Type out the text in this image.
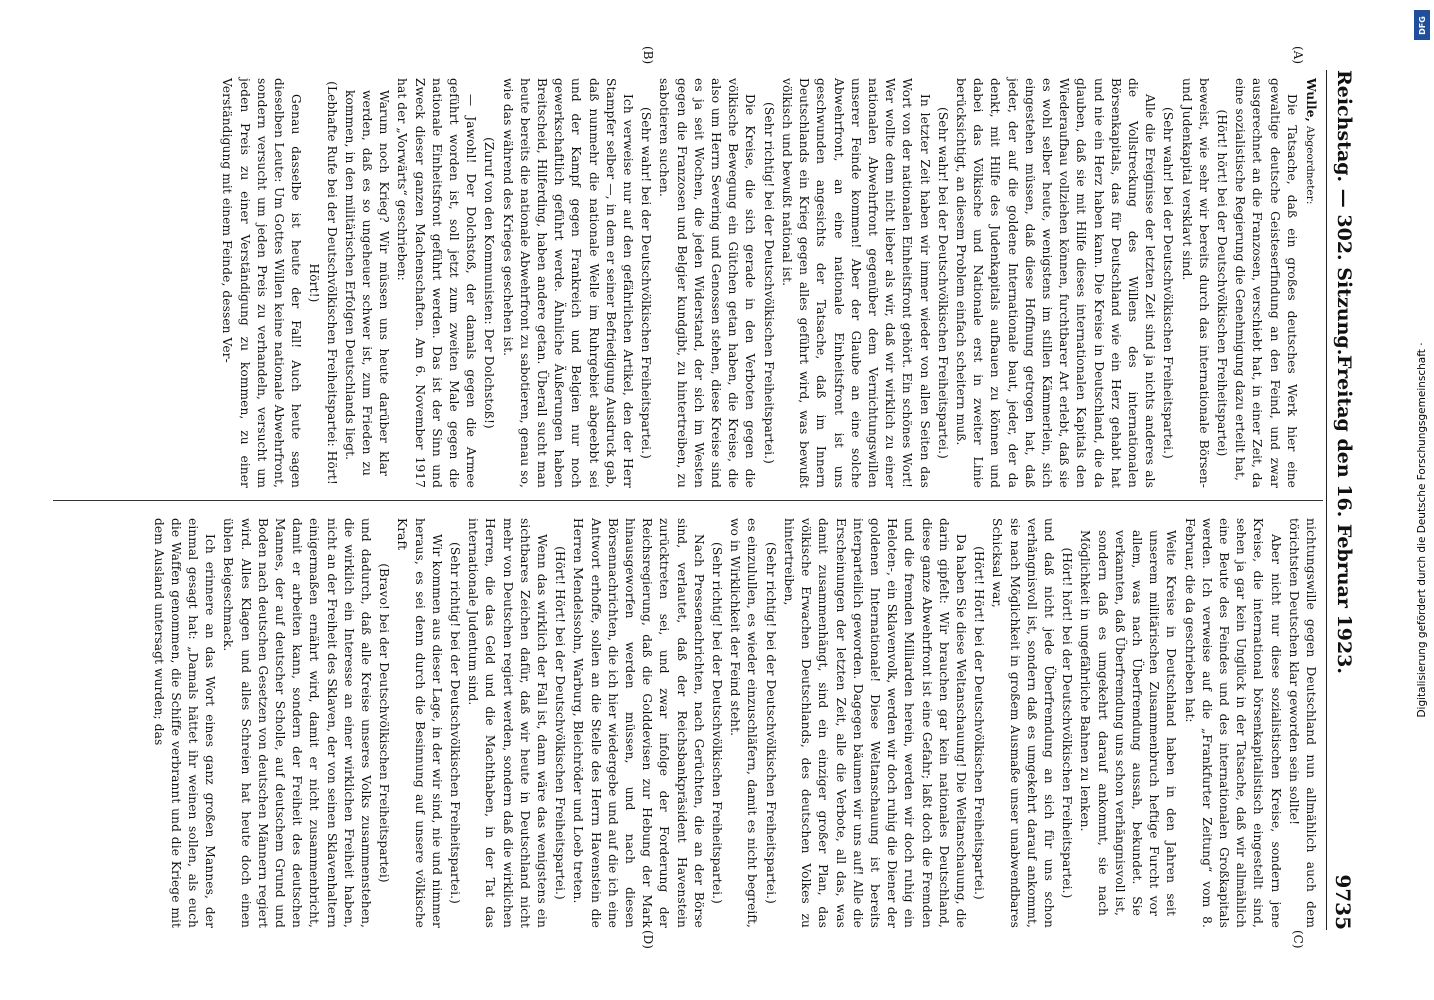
Reichstag. — 302. Sitzung.
Freitag den 16. Februar 1923.
9735
(A)
(B)
(C)
(D)

Wulle, Abgeordneter:

Die Tatsache, daß ein großes deutsches Werk hier eine gewaltige deutsche Geisteserfindung an den Feind, und zwar ausgerechnet an die Franzosen, verschiebt hat, in einer Zeit, da eine sozialistische Regierung die Genehmigung dazu erteilt hat,

(Hört! hört! bei der Deutschvölkischen Freiheitspartei)

beweist, wie sehr wir bereits durch das internationale Börsen- und Judenkapital versklavt sind.

(Sehr wahr! bei der Deutschvölkischen Freiheitspartei.)

Alle die Ereignisse der letzten Zeit sind ja nichts anderes als die Vollstreckung des Willens des internationalen Börsenkapitals, das für Deutschland wie ein Herz gehabt hat und nie ein Herz haben kann. Die Kreise in Deutschland, die da glauben, daß sie mit Hilfe dieses internationalen Kapitals den Wiederaufbau vollziehen können, furchtbarer Art erlebt, daß sie es wohl selber heute, wenigstens im stillen Kämmerlein, sich eingestehen müssen, daß diese Hoffnung getrogen hat, daß jeder, der auf die goldene Internationale baut, jeder, der da denkt, mit Hilfe des Judenkapitals aufbauen zu können und dabei das Völkische und Nationale erst in zweiter Linie berücksichtigt, an diesem Problem einfach scheitern muß.

(Sehr wahr! bei der Deutschvölkischen Freiheitspartei.)

In letzter Zeit haben wir immer wieder von allen Seiten das Wort von der nationalen Einheitsfront gehört. Ein schönes Wort! Wer wollte denn nicht lieber als wir, daß wir wirklich zu einer nationalen Abwehrfront gegenüber dem Vernichtungswillen unserer Feinde kommen! Aber der Glaube an eine solche Abwehrfront, an eine nationale Einheitsfront ist uns geschwunden angesichts der Tatsache, daß im Innern Deutschlands ein Krieg gegen alles geführt wird, was bewußt völkisch und bewußt national ist.

(Sehr richtig! bei der Deutschvölkischen Freiheitspartei.)

Die Kreise, die sich gerade in den Verboten gegen die völkische Bewegung ein Gütchen getan haben, die Kreise, die also um Herrn Severing und Genossen stehen, diese Kreise sind es ja seit Wochen, die jeden Widerstand, der sich im Westen gegen die Franzosen und Belgier kundgibt, zu hintertreiben, zu sabotieren suchen.

(Sehr wahr! bei der Deutschvölkischen Freiheitspartei.)

Ich verweise nur auf den gefährlichen Artikel, den der Herr Stampfer selber —, in dem er seiner Befriedigung Ausdruck gab, daß nunmehr die nationale Welle im Ruhrgebiet abgeebbt sei und der Kampf gegen Frankreich und Belgien nur noch gewerkschaftlich geführt werde. Ähnliche Äußerungen haben Breitscheid, Hilferding, haben andere getan. Überall sucht man heute bereits die nationale Abwehrfront zu sabotieren, genau so, wie das während des Krieges geschehen ist.

(Zuruf von den Kommunisten: Der Dolchstoß!)

— Jawohl! Der Dolchstoß, der damals gegen die Armee geführt worden ist, soll jetzt zum zweiten Male gegen die nationale Einheitsfront geführt werden. Das ist der Sinn und Zweck dieser ganzen Machenschaften. Am 6. November 1917 hat der „Vorwärts“ geschrieben:

Warum noch Krieg? Wir müssen uns heute darüber klar werden, daß es so ungeheuer schwer ist, zum Frieden zu kommen, in den militärischen Erfolgen Deutschlands liegt.

(Lebhafte Rufe bei der Deutschvölkischen Freiheitspartei: Hört! Hört!)

Genau dasselbe ist heute der Fall! Auch heute sagen dieselben Leute: Um Gottes Willen keine nationale Abwehrfront, sondern versucht um jeden Preis zu verhandeln, versucht um jeden Preis zu einer Verständigung zu kommen, zu einer Verständigung mit einem Feinde, dessen Ver-

nichtungswille gegen Deutschland nun allmählich auch dem törichtsten Deutschen klar geworden sein sollte!

Aber nicht nur diese sozialistischen Kreise, sondern jene Kreise, die international börsenkapitalistisch eingestellt sind, sehen ja gar kein Unglück in der Tatsache, daß wir allmählich eine Beute des Feindes und des internationalen Großkapitals werden. Ich verweise auf die „Frankfurter Zeitung“ vom 8. Februar, die da geschrieben hat:

Weite Kreise in Deutschland haben in den Jahren seit unserem militärischen Zusammenbruch heftige Furcht vor allem, was nach Überfremdung aussah, bekundet. Sie verkannten, daß Überfremdung uns schon verhängnisvoll ist, sondern daß es umgekehrt darauf ankommt, sie nach Möglichkeit in ungefährliche Bahnen zu lenken.

(Hört! hört! bei der Deutschvölkischen Freiheitspartei.)

und daß nicht jede Überfremdung an sich für uns schon verhängnisvoll ist, sondern daß es umgekehrt darauf ankommt, sie nach Möglichkeit in großem Ausmaße unser unabwendbares Schicksal war,

(Hört! Hört! bei der Deutschvölkischen Freiheitspartei.)

Da haben Sie diese Weltanschauung! Die Weltanschauung, die darin gipfelt: Wir brauchen gar kein nationales Deutschland, diese ganze Abwehrfront ist eine Gefahr; laßt doch die Fremden und die fremden Milliarden herein, werden wir doch ruhig ein Heloten-, ein Sklavenvolk, werden wir doch ruhig die Diener der goldenen Internationale! Diese Weltanschauung ist bereits interparteilich geworden. Dagegen bäumen wir uns auf! Alle die Erscheinungen der letzten Zeit, alle die Verbote, all das, was damit zusammenhängt, sind ein einziger großer Plan, das völkische Erwachen Deutschlands, des deutschen Volkes zu hintertreiben,

(Sehr richtig! bei der Deutschvölkischen Freiheitspartei.)

es einzulullen, es wieder einzuschläfern, damit es nicht begreift, wo in Wirklichkeit der Feind steht.

(Sehr richtig! bei der Deutschvölkischen Freiheitspartei.)

Nach Pressenachrichten, nach Gerüchten, die an der Börse sind, verlautet, daß der Reichsbankpräsident Havenstein zurücktreten sei, und zwar infolge der Forderung der Reichsregierung, daß die Golddevisen zur Hebung der Mark hinausgeworfen werden müssen, und nach diesen Börsennachrichten, die ich hier wiedergebe und auf die ich eine Antwort erhoffe, sollen an die Stelle des Herrn Havenstein die Herren Mendelssohn, Warburg, Bleichröder und Loeb treten.

(Hört! Hört! bei der Deutschvölkischen Freiheitspartei.)

Wenn das wirklich der Fall ist, dann wäre das wenigstens ein sichtbares Zeichen dafür, daß wir heute in Deutschland nicht mehr von Deutschen regiert werden, sondern daß die wirklichen Herren, die das Geld und die Machthaben, in der Tat das internationale Judentum sind.

(Sehr richtig! bei der Deutschvölkischen Freiheitspartei.)

Wir kommen aus dieser Lage, in der wir sind, nie und nimmer heraus, es sei denn durch die Besinnung auf unsere völkische Kraft

(Bravo! bei der Deutschvölkischen Freiheitspartei)

und dadurch, daß alle Kreise unseres Volks zusammenstehen, die wirklich ein Interesse an einer wirklichen Freiheit haben, nicht an der Freiheit des Sklaven, der von seinen Sklavenhaltern einigermaßen ernährt wird, damit er nicht zusammenbricht, damit er arbeiten kann, sondern der Freiheit des deutschen Mannes, der auf deutscher Scholle, auf deutschem Grund und Boden nach deutschen Gesetzen von deutschen Männern regiert wird. Alles Klagen und alles Schreien hat heute doch einen üblen Beigeschmack.

Ich erinnere an das Wort eines ganz großen Mannes, der einmal gesagt hat: „Damals hättet ihr weinen sollen, als euch die Waffen genommen, die Schiffe verbrannt und die Kriege mit dem Ausland untersagt wurden; das

DFG
Digitalisierung gefördert durch die Deutsche Forschungsgemeinschaft ·
